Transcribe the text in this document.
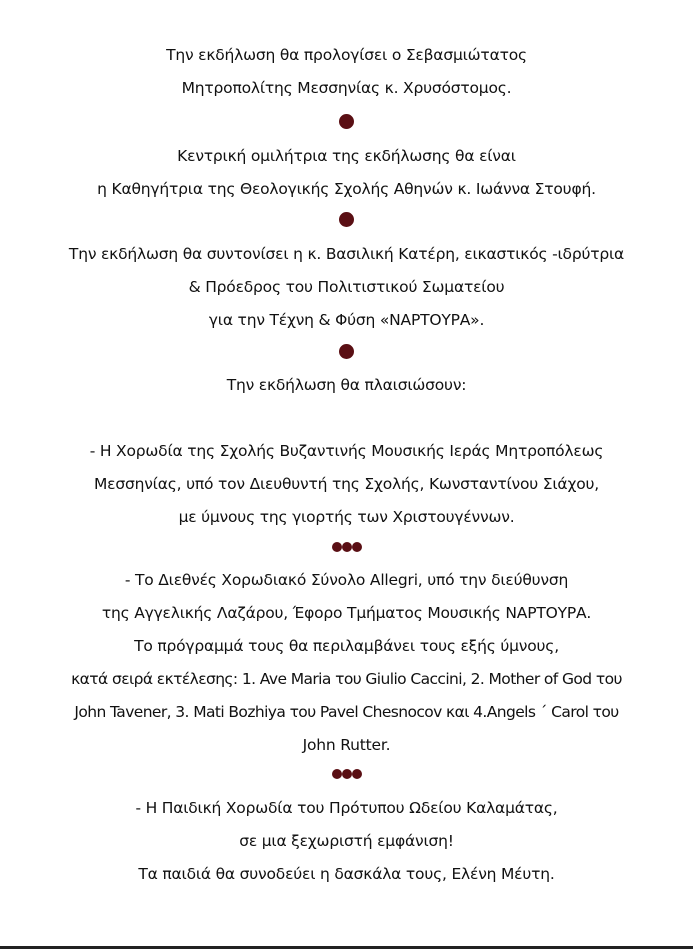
Την εκδήλωση θα προλογίσει ο Σεβασμιώτατος
Μητροπολίτης Μεσσηνίας κ. Χρυσόστομος.
Κεντρική ομιλήτρια της εκδήλωσης θα είναι
η Καθηγήτρια της Θεολογικής Σχολής Αθηνών κ. Ιωάννα Στουφή.
Την εκδήλωση θα συντονίσει η κ. Βασιλική Κατέρη, εικαστικός -ιδρύτρια
& Πρόεδρος του Πολιτιστικού Σωματείου
για την Τέχνη & Φύση «ΝΑΡΤΟΥΡΑ».
Την εκδήλωση θα πλαισιώσουν:
- Η Χορωδία της Σχολής Βυζαντινής Μουσικής Ιεράς Μητροπόλεως
Μεσσηνίας, υπό τον Διευθυντή της Σχολής, Κωνσταντίνου Σιάχου,
με ύμνους της γιορτής των Χριστουγέννων.
- Το Διεθνές Χορωδιακό Σύνολο Allegri, υπό την διεύθυνση
της Αγγελικής Λαζάρου, Έφορο Τμήματος Μουσικής ΝΑΡΤΟΥΡΑ.
Το πρόγραμμά τους θα περιλαμβάνει τους εξής ύμνους,
κατά σειρά εκτέλεσης: 1. Ave Maria του Giulio Caccini, 2. Mother of God του
John Tavener, 3. Mati Bozhiya του Pavel Chesnocov και 4.Angels ΄ Carol του
John Rutter.
- Η Παιδική Χορωδία του Πρότυπου Ωδείου Καλαμάτας,
σε μια ξεχωριστή εμφάνιση!
Τα παιδιά θα συνοδεύει η δασκάλα τους, Ελένη Μέυτη.
